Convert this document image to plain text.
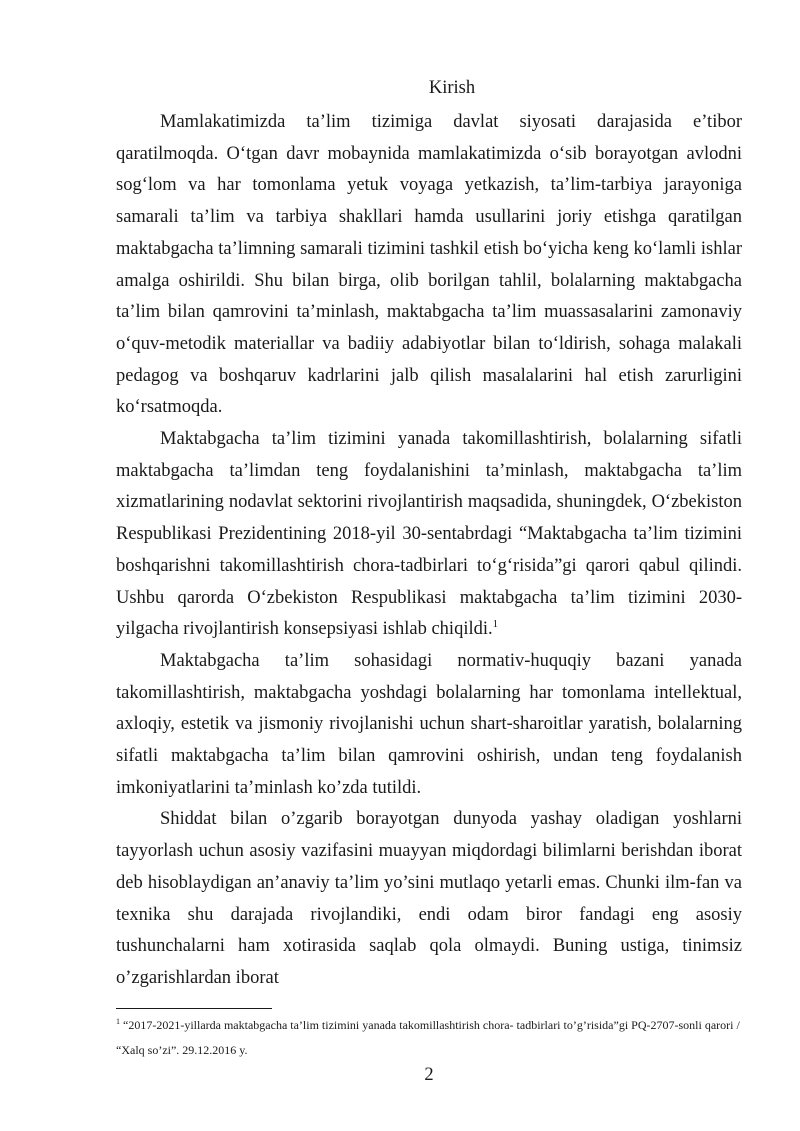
Kirish

Mamlakatimizda ta’lim tizimiga davlat siyosati darajasida e’tibor qaratilmoqda. O‘tgan davr mobaynida mamlakatimizda o‘sib borayotgan avlodni sog‘lom va har tomonlama yetuk voyaga yetkazish, ta’lim-tarbiya jarayoniga samarali ta’lim va tarbiya shakllari hamda usullarini joriy etishga qaratilgan maktabgacha ta’limning samarali tizimini tashkil etish bo‘yicha keng ko‘lamli ishlar amalga oshirildi. Shu bilan birga, olib borilgan tahlil, bolalarning maktabgacha ta’lim bilan qamrovini ta’minlash, maktabgacha ta’lim muassasalarini zamonaviy o‘quv-metodik materiallar va badiiy adabiyotlar bilan to‘ldirish, sohaga malakali pedagog va boshqaruv kadrlarini jalb qilish masalalarini hal etish zarurligini ko‘rsatmoqda.

Maktabgacha ta’lim tizimini yanada takomillashtirish, bolalarning sifatli maktabgacha ta’limdan teng foydalanishini ta’minlash, maktabgacha ta’lim xizmatlarining nodavlat sektorini rivojlantirish maqsadida, shuningdek, O‘zbekiston Respublikasi Prezidentining 2018-yil 30-sentabrdagi “Maktabgacha ta’lim tizimini boshqarishni takomillashtirish chora-tadbirlari to‘g‘risida”gi qarori qabul qilindi. Ushbu qarorda O‘zbekiston Respublikasi maktabgacha ta’lim tizimini 2030-yilgacha rivojlantirish konsepsiyasi ishlab chiqildi.$^1$

Maktabgacha ta’lim sohasidagi normativ-huquqiy bazani yanada takomillashtirish, maktabgacha yoshdagi bolalarning har tomonlama intellektual, axloqiy, estetik va jismoniy rivojlanishi uchun shart-sharoitlar yaratish, bolalarning sifatli maktabgacha ta’lim bilan qamrovini oshirish, undan teng foydalanish imkoniyatlarini ta’minlash ko’zda tutildi.

Shiddat bilan o’zgarib borayotgan dunyoda yashay oladigan yoshlarni tayyorlash uchun asosiy vazifasini muayyan miqdordagi bilimlarni berishdan iborat deb hisoblaydigan an’anaviy ta’lim yo’sini mutlaqo yetarli emas. Chunki ilm-fan va texnika shu darajada rivojlandiki, endi odam biror fandagi eng asosiy tushunchalarni ham xotirasida saqlab qola olmaydi. Buning ustiga, tinimsiz o’zgarishlardan iborat

$^1$ “2017-2021-yillarda maktabgacha ta’lim tizimini yanada takomillashtirish chora- tadbirlari to’g’risida”gi PQ-2707-sonli qarori / “Xalq so’zi”. 29.12.2016 y.

2
